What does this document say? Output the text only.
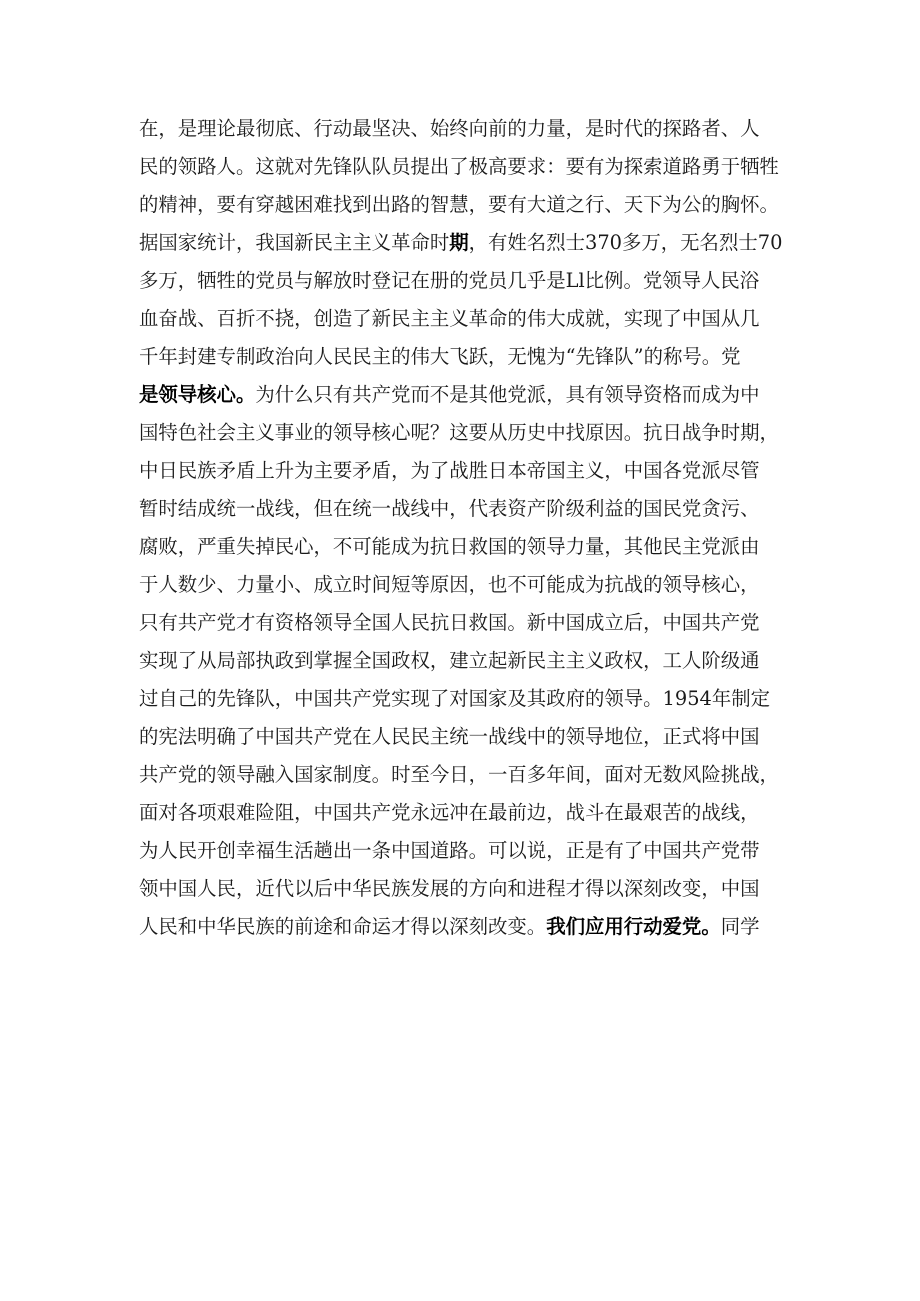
在，是理论最彻底、行动最坚决、始终向前的力量，是时代的探路者、人
民的领路人。这就对先锋队队员提出了极高要求：要有为探索道路勇于牺牲
的精神，要有穿越困难找到出路的智慧，要有大道之行、天下为公的胸怀。
据国家统计，我国新民主主义革命时期，有姓名烈士370多万，无名烈士70
多万，牺牲的党员与解放时登记在册的党员几乎是Ll比例。党领导人民浴
血奋战、百折不挠，创造了新民主主义革命的伟大成就，实现了中国从几
千年封建专制政治向人民民主的伟大飞跃，无愧为“先锋队”的称号。党
是领导核心。为什么只有共产党而不是其他党派，具有领导资格而成为中
国特色社会主义事业的领导核心呢？这要从历史中找原因。抗日战争时期，
中日民族矛盾上升为主要矛盾，为了战胜日本帝国主义，中国各党派尽管
暂时结成统一战线，但在统一战线中，代表资产阶级利益的国民党贪污、
腐败，严重失掉民心，不可能成为抗日救国的领导力量，其他民主党派由
于人数少、力量小、成立时间短等原因，也不可能成为抗战的领导核心，
只有共产党才有资格领导全国人民抗日救国。新中国成立后，中国共产党
实现了从局部执政到掌握全国政权，建立起新民主主义政权，工人阶级通
过自己的先锋队，中国共产党实现了对国家及其政府的领导。1954年制定
的宪法明确了中国共产党在人民民主统一战线中的领导地位，正式将中国
共产党的领导融入国家制度。时至今日，一百多年间，面对无数风险挑战，
面对各项艰难险阻，中国共产党永远冲在最前边，战斗在最艰苦的战线，
为人民开创幸福生活趟出一条中国道路。可以说，正是有了中国共产党带
领中国人民，近代以后中华民族发展的方向和进程才得以深刻改变，中国
人民和中华民族的前途和命运才得以深刻改变。我们应用行动爱党。同学
